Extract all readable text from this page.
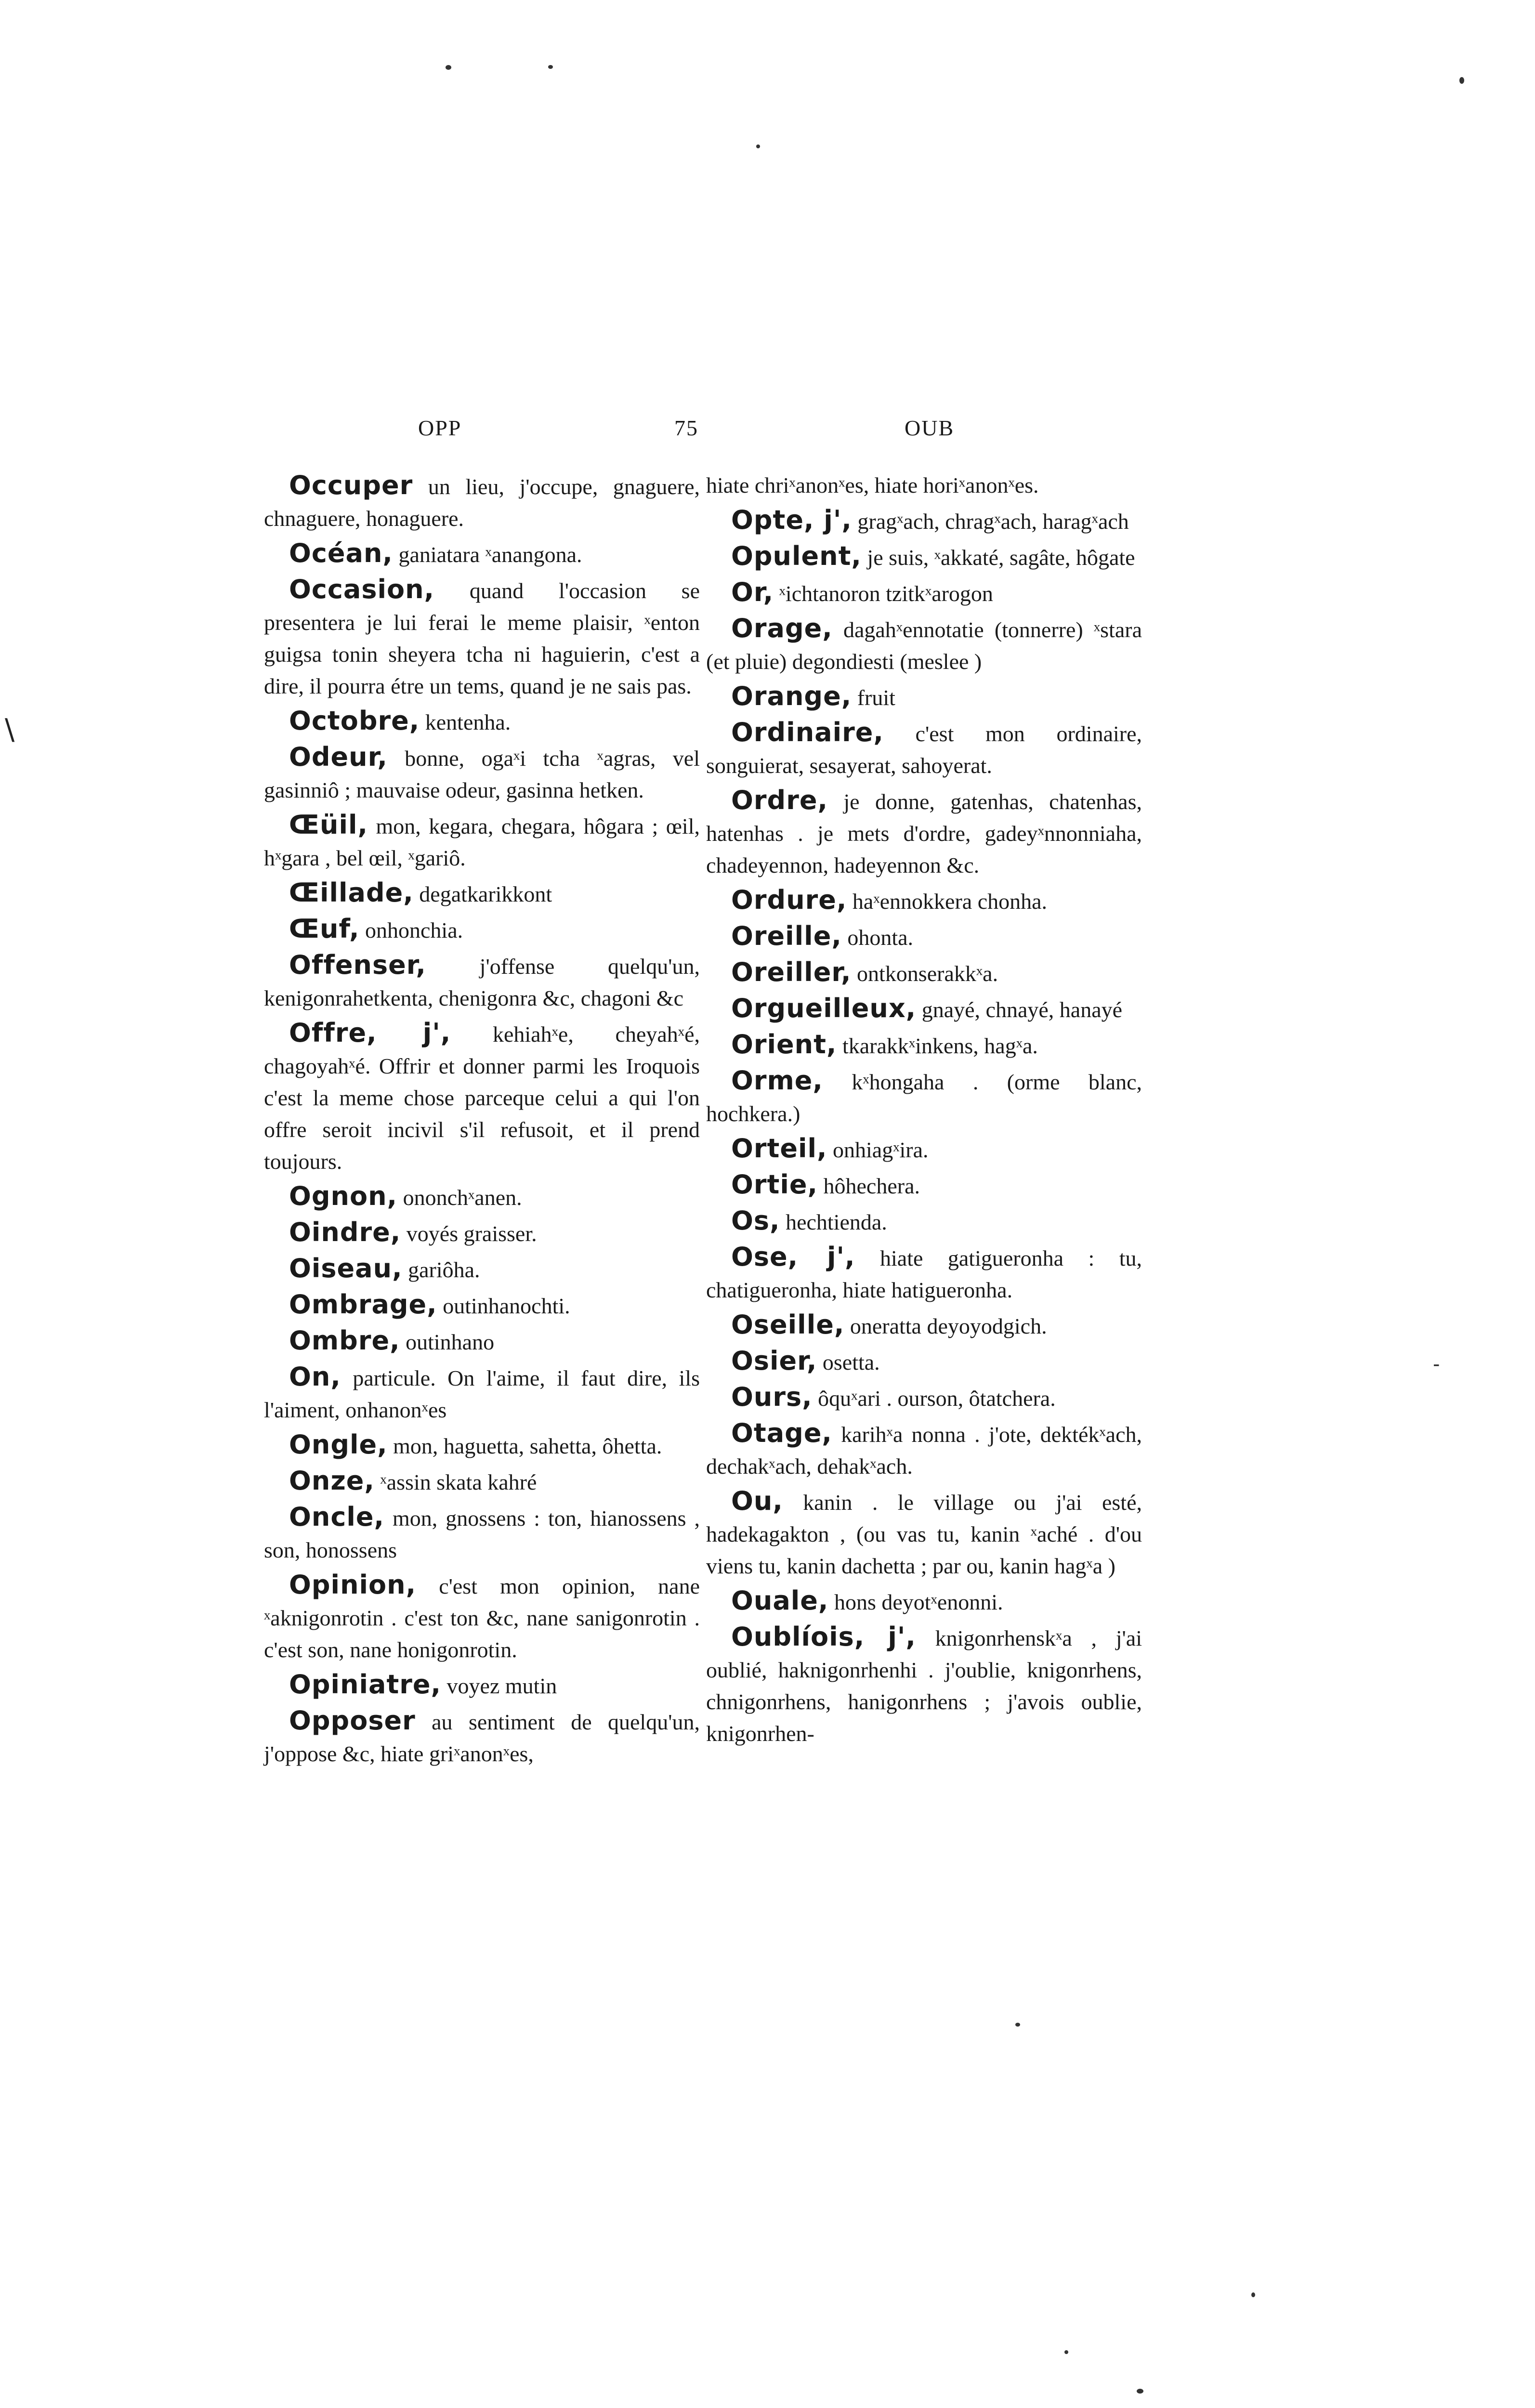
OPP	75	OUB

Occuper un lieu, j'occupe, gnaguere, chnaguere, honaguere.

Océan, ganiatara ˣanangona.

Occasion, quand l'occasion se presentera je lui ferai le meme plaisir, ˣenton guigsa tonin sheyera tcha ni haguierin, c'est a dire, il pourra étre un tems, quand je ne sais pas.

Octobre, kentenha.

Odeur, bonne, ogaˣi tcha ˣagras, vel gasinniô ; mauvaise odeur, gasinna hetken.

Œüil, mon, kegara, chegara, hôgara ; œil, hˣgara , bel œil, ˣgariô.

Œillade, degatkarikkont

Œuf, onhonchia.

Offenser, j'offense quelqu'un, kenigonrahetkenta, chenigonra &c, chagoni &c

Offre, j', kehiahˣe, cheyahˣé, chagoyahˣé. Offrir et donner parmi les Iroquois c'est la meme chose parceque celui a qui l'on offre seroit incivil s'il refusoit, et il prend toujours.

Ognon, ononchˣanen.

Oindre, voyés graisser.

Oiseau, gariôha.

Ombrage, outinhanochti.

Ombre, outinhano

On, particule. On l'aime, il faut dire, ils l'aiment, onhanonˣes

Ongle, mon, haguetta, sahetta, ôhetta.

Onze, ˣassin skata kahré

Oncle, mon, gnossens : ton, hianossens , son, honossens

Opinion, c'est mon opinion, nane ˣaknigonrotin . c'est ton &c, nane sanigonrotin . c'est son, nane honigonrotin.

Opiniatre, voyez mutin

Opposer au sentiment de quelqu'un, j'oppose &c, hiate griˣanonˣes,

hiate chriˣanonˣes, hiate horiˣanonˣes.

Opte, j', gragˣach, chragˣach, haragˣach

Opulent, je suis, ˣakkaté, sagâte, hôgate

Or, ˣichtanoron tzitkˣarogon

Orage, dagahˣennotatie (tonnerre) ˣstara (et pluie) degondiesti (meslee )

Orange, fruit

Ordinaire, c'est mon ordinaire, songuierat, sesayerat, sahoyerat.

Ordre, je donne, gatenhas, chatenhas, hatenhas . je mets d'ordre, gadeyˣnnonniaha, chadeyennon, hadeyennon &c.

Ordure, haˣennokkera chonha.

Oreille, ohonta.

Oreiller, ontkonserakkˣa.

Orgueilleux, gnayé, chnayé, hanayé

Orient, tkarakkˣinkens, hagˣa.

Orme, kˣhongaha . (orme blanc, hochkera.)

Orteil, onhiagˣira.

Ortie, hôhechera.

Os, hechtienda.

Ose, j', hiate gatigueronha : tu, chatigueronha, hiate hatigueronha.

Oseille, oneratta deyoyodgich.

Osier, osetta.

Ours, ôquˣari . ourson, ôtatchera.

Otage, karihˣa nonna . j'ote, dektékˣach, dechakˣach, dehakˣach.

Ou, kanin . le village ou j'ai esté, hadekagakton , (ou vas tu, kanin ˣaché . d'ou viens tu, kanin dachetta ; par ou, kanin hagˣa )

Ouale, hons deyotˣenonni.

Oublíois, j', knigonrhenskˣa , j'ai oublié, haknigonrhenhi . j'oublie, knigonrhens, chnigonrhens, hanigonrhens ; j'avois oublie, knigonrhen-

\
-
